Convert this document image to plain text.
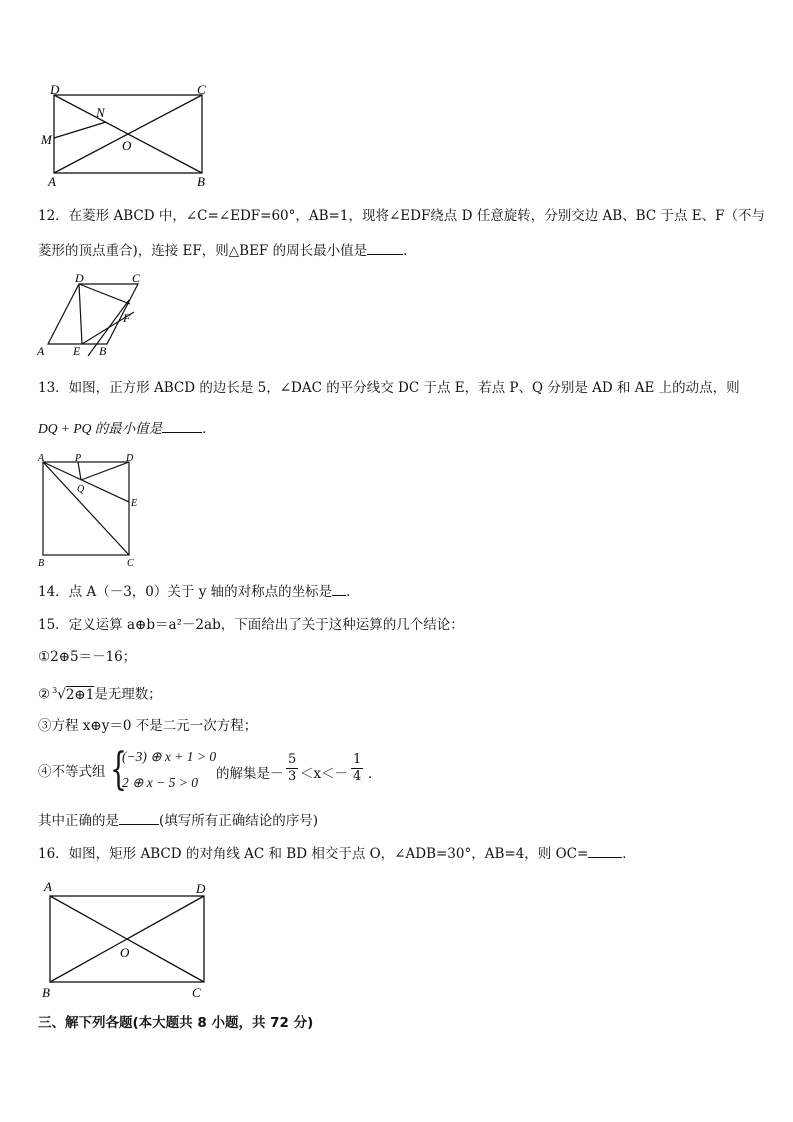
D	C
N
M	O
A	B
12．在菱形 ABCD 中，∠C=∠EDF=60°，AB=1，现将∠EDF绕点 D 任意旋转，分别交边 AB、BC 于点 E、F（不与
菱形的顶点重合)，连接 EF，则△BEF 的周长最小值是	．
D	C
F
A E B
13．如图，正方形 ABCD 的边长是 5，∠DAC 的平分线交 DC 于点 E，若点 P、Q 分别是 AD 和 AE 上的动点，则
DQ + PQ 的最小值是	．
A	P	D
Q
E
B	C
14．点 A（－3，0）关于 y 轴的对称点的坐标是 ．
15．定义运算 a⊕b＝a²－2ab，下面给出了关于这种运算的几个结论：
①2⊕5＝－16；
② $^3$√2⊕1是无理数；
③方程 x⊕y＝0 不是二元一次方程；
④不等式组 {
(−3) ⊕ x + 1 > 0
2 ⊕ x − 5 > 0
的解集是－ $\frac{5}{3} <x<- \frac{1}{4}$ ．
其中正确的是	(填写所有正确结论的序号)
16．如图，矩形 ABCD 的对角线 AC 和 BD 相交于点 O，∠ADB=30°，AB=4，则 OC=	．
A	D
O
B	C
三、解下列各题(本大题共 8 小题，共 72 分)
